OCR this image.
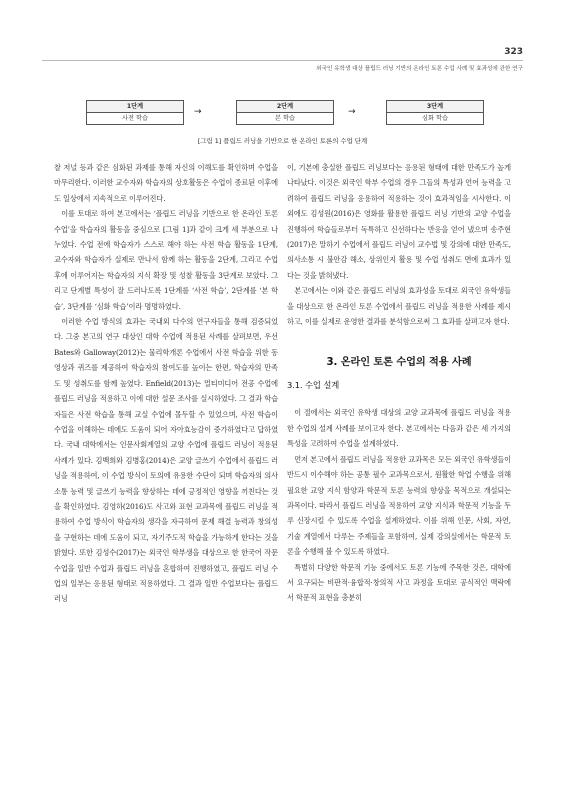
323
외국인 유학생 대상 플립드 러닝 기반의 온라인 토론 수업 사례 및 효과성에 관한 연구
1단계
사전 학습
→
2단계
본 학습
→
3단계
심화 학습
[그림 1] 플립드 러닝을 기반으로 한 온라인 토론의 수업 단계

찰 저널 등과 같은 심화된 과제를 통해 자신의 이해도를 확인하며 수업을 마무리한다. 이러한 교수자와 학습자의 상호활동은 수업이 종료된 이후에도 일상에서 지속적으로 이루어진다.

이를 토대로 하여 본고에서는 ‘플립드 러닝을 기반으로 한 온라인 토론 수업’을 학습자의 활동을 중심으로 [그림 1]과 같이 크게 세 부분으로 나누었다. 수업 전에 학습자가 스스로 해야 하는 사전 학습 활동을 1단계, 교수자와 학습자가 실제로 만나서 함께 하는 활동을 2단계, 그리고 수업 후에 이루어지는 학습자의 지식 확장 및 성찰 활동을 3단계로 보았다. 그리고 단계별 특성이 잘 드러나도록 1단계를 ‘사전 학습’, 2단계를 ‘본 학습’, 3단계를 ‘심화 학습’이라 명명하였다.

이러한 수업 방식의 효과는 국내외 다수의 연구자들을 통해 검증되었다. 그중 본고의 연구 대상인 대학 수업에 적용된 사례를 살펴보면, 우선 Bates와 Galloway(2012)는 물리학개론 수업에서 사전 학습을 위한 동영상과 퀴즈를 제공하여 학습자의 참여도를 높이는 한편, 학습자의 만족도 및 성취도를 함께 높였다. Enfield(2013)는 멀티미디어 전공 수업에 플립드 러닝을 적용하고 이에 대한 설문 조사를 실시하였다. 그 결과 학습자들은 사전 학습을 통해 교실 수업에 몰두할 수 있었으며, 사전 학습이 수업을 이해하는 데에도 도움이 되어 자아효능감이 증가하였다고 답하였다. 국내 대학에서는 인문사회계열의 교양 수업에 플립드 러닝이 적용된 사례가 있다. 김백희와 김병홍(2014)은 교양 글쓰기 수업에서 플립드 러닝을 적용하여, 이 수업 방식이 토의에 유용한 수단이 되며 학습자의 의사소통 능력 및 글쓰기 능력을 향상하는 데에 긍정적인 영향을 끼친다는 것을 확인하였다. 김영하(2016)도 사고와 표현 교과목에 플립드 러닝을 적용하여 수업 방식이 학습자의 생각을 자극하여 문제 해결 능력과 창의성을 구현하는 데에 도움이 되고, 자기주도적 학습을 가능하게 한다는 것을 밝혔다. 또한 김성수(2017)는 외국인 학부생을 대상으로 한 한국어 작문 수업을 일반 수업과 플립드 러닝을 혼합하여 진행하였고, 플립드 러닝 수업의 일부는 응용된 형태로 적용하였다. 그 결과 일반 수업보다는 플립드 러닝

이, 기본에 충실한 플립드 러닝보다는 응용된 형태에 대한 만족도가 높게 나타났다. 이것은 외국인 학부 수업의 경우 그들의 특성과 언어 능력을 고려하여 플립드 러닝을 응용하여 적용하는 것이 효과적임을 시사한다. 이외에도 김성원(2016)은 영화를 활용한 플립드 러닝 기반의 교양 수업을 진행하여 학습들로부터 독특하고 신선하다는 반응을 얻어 냈으며 송주현(2017)은 말하기 수업에서 플립드 러닝이 교수법 및 강의에 대한 만족도, 의사소통 시 불안감 해소, 상위인지 활용 및 수업 성취도 면에 효과가 있다는 것을 밝혀냈다.

본고에서는 이와 같은 플립드 러닝의 효과성을 토대로 외국인 유학생들을 대상으로 한 온라인 토론 수업에서 플립드 러닝을 적용한 사례를 제시하고, 이를 실제로 운영한 결과를 분석함으로써 그 효과를 살펴고자 한다.

3. 온라인 토론 수업의 적용 사례
3.1. 수업 설계

이 절에서는 외국인 유학생 대상의 교양 교과목에 플립드 러닝을 적용한 수업의 설계 사례를 보이고자 한다. 본고에서는 다음과 같은 세 가지의 특성을 고려하여 수업을 설계하였다.

먼저 본고에서 플립드 러닝을 적용한 교과목은 모든 외국인 유학생들이 반드시 이수해야 하는 공통 필수 교과목으로서, 원활한 학업 수행을 위해 필요한 교양 지식 함양과 학문적 토론 능력의 향상을 목적으로 개설되는 과목이다. 따라서 플립드 러닝을 적용하여 교양 지식과 학문적 기능을 두루 신장시킬 수 있도록 수업을 설계하였다. 이를 위해 인문, 사회, 자연, 기술 계열에서 다루는 주제들을 포함하여, 실제 강의실에서는 학문적 토론을 수행해 볼 수 있도록 하였다.

특별히 다양한 학문적 기능 중에서도 토론 기능에 주목한 것은, 대학에서 요구되는 비판적·융합적·창의적 사고 과정을 토대로 공식적인 맥락에서 학문적 표현을 충분히
